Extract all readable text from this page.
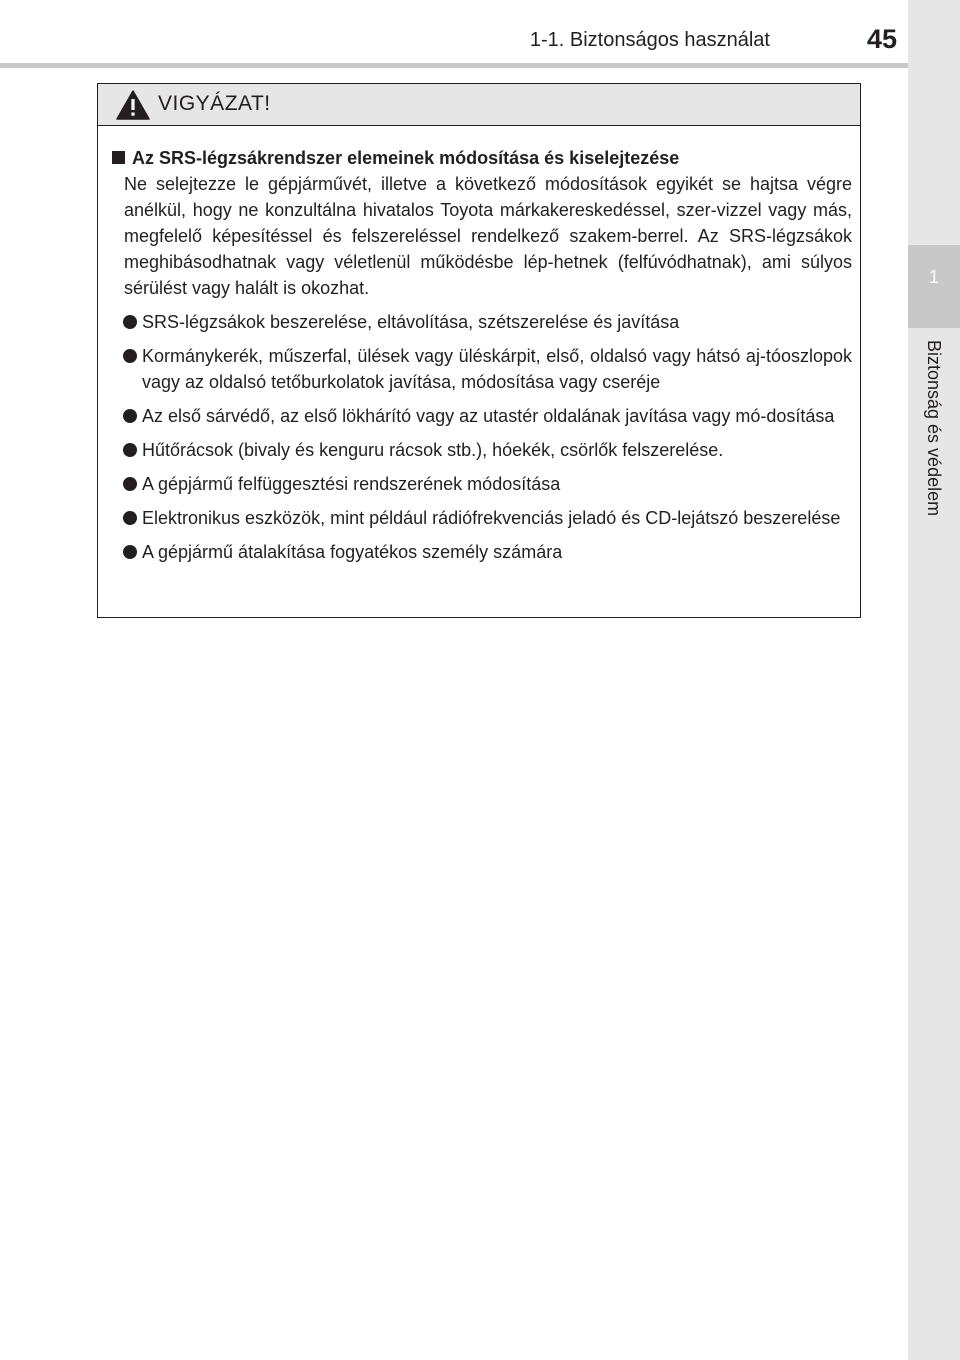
1-1. Biztonságos használat	45
1
Biztonság és védelem
VIGYÁZAT!
Az SRS-légzsákrendszer elemeinek módosítása és kiselejtezése

Ne selejtezze le gépjárművét, illetve a következő módosítások egyikét se hajtsa végre anélkül, hogy ne konzultálna hivatalos Toyota márkakereskedéssel, szer-vizzel vagy más, megfelelő képesítéssel és felszereléssel rendelkező szakem-berrel. Az SRS-légzsákok meghibásodhatnak vagy véletlenül működésbe lép-hetnek (felfúvódhatnak), ami súlyos sérülést vagy halált is okozhat.

SRS-légzsákok beszerelése, eltávolítása, szétszerelése és javítása
Kormánykerék, műszerfal, ülések vagy üléskárpit, első, oldalsó vagy hátsó aj-tóoszlopok vagy az oldalsó tetőburkolatok javítása, módosítása vagy cseréje
Az első sárvédő, az első lökhárító vagy az utastér oldalának javítása vagy mó-dosítása
Hűtőrácsok (bivaly és kenguru rácsok stb.), hóekék, csörlők felszerelése.
A gépjármű felfüggesztési rendszerének módosítása
Elektronikus eszközök, mint például rádiófrekvenciás jeladó és CD-lejátszó beszerelése
A gépjármű átalakítása fogyatékos személy számára
